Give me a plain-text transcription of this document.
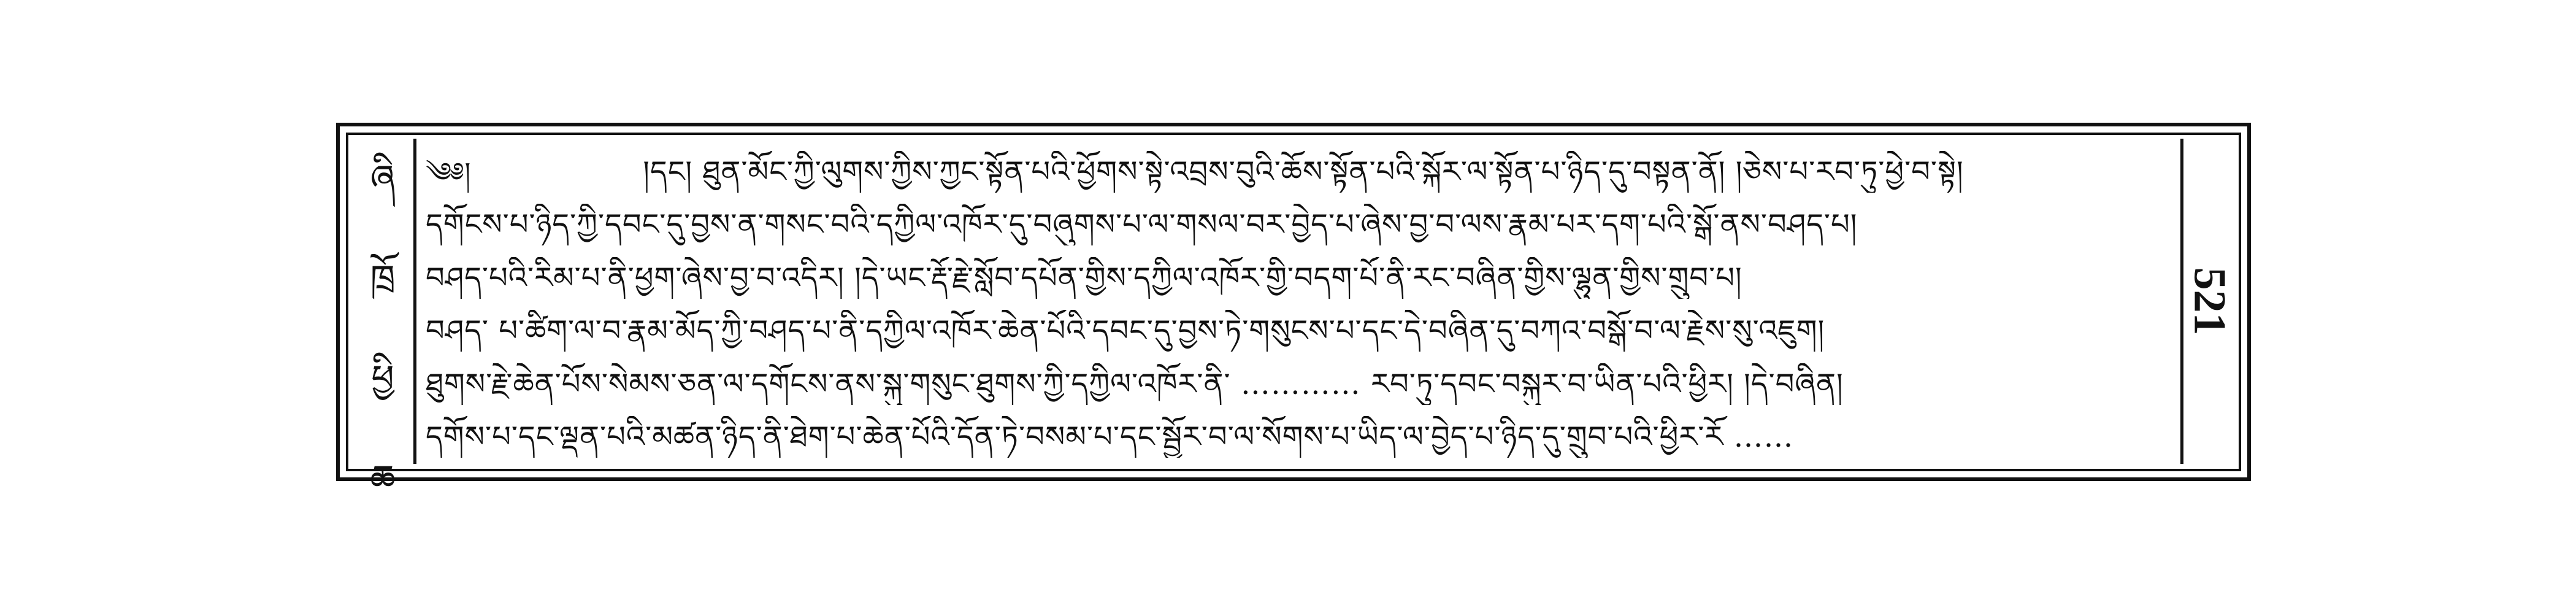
ཞི
ཁྲོ
ཕྱི
ཆ
༄༅།	།དང། ཐུན་མོང་ཀྱི་ལུགས་ཀྱིས་ཀྱང་སྟོན་པའི་ཕྱོགས་སྟེ་འབྲས་བུའི་ཆོས་སྟོན་པའི་སྐོར་ལ་སྟོན་པ་ཉིད་དུ་བསྟན་ནོ། །ཅེས་པ་རབ་ཏུ་ཕྱེ་བ་སྟེ།
དགོངས་པ་ཉིད་ཀྱི་དབང་དུ་བྱས་ན་གསང་བའི་དཀྱིལ་འཁོར་དུ་བཞུགས་པ་ལ་གསལ་བར་བྱེད་པ་ཞེས་བྱ་བ་ལས་རྣམ་པར་དག་པའི་སྒོ་ནས་བཤད་པ།
བཤད་པའི་རིམ་པ་ནི་ཕྱག་ཞེས་བྱ་བ་འདིར། །དེ་ཡང་རྡོ་རྗེ་སློབ་དཔོན་གྱིས་དཀྱིལ་འཁོར་གྱི་བདག་པོ་ནི་རང་བཞིན་གྱིས་ལྷུན་གྱིས་གྲུབ་པ།
བཤད་ པ་ཚིག་ལ་བ་རྣམ་མོད་ཀྱི་བཤད་པ་ནི་དཀྱིལ་འཁོར་ཆེན་པོའི་དབང་དུ་བྱས་ཏེ་གསུངས་པ་དང་དེ་བཞིན་དུ་བཀའ་བསྒོ་བ་ལ་རྗེས་སུ་འཇུག།
ཐུགས་རྗེ་ཆེན་པོས་སེམས་ཅན་ལ་དགོངས་ནས་སྐུ་གསུང་ཐུགས་ཀྱི་དཀྱིལ་འཁོར་ནི་ ………… རབ་ཏུ་དབང་བསྐུར་བ་ཡིན་པའི་ཕྱིར། །དེ་བཞིན།
དགོས་པ་དང་ལྡན་པའི་མཚན་ཉིད་ནི་ཐེག་པ་ཆེན་པོའི་དོན་ཏེ་བསམ་པ་དང་སྦྱོར་བ་ལ་སོགས་པ་ཡིད་ལ་བྱེད་པ་ཉིད་དུ་གྲུབ་པའི་ཕྱིར་རོ ……
521
